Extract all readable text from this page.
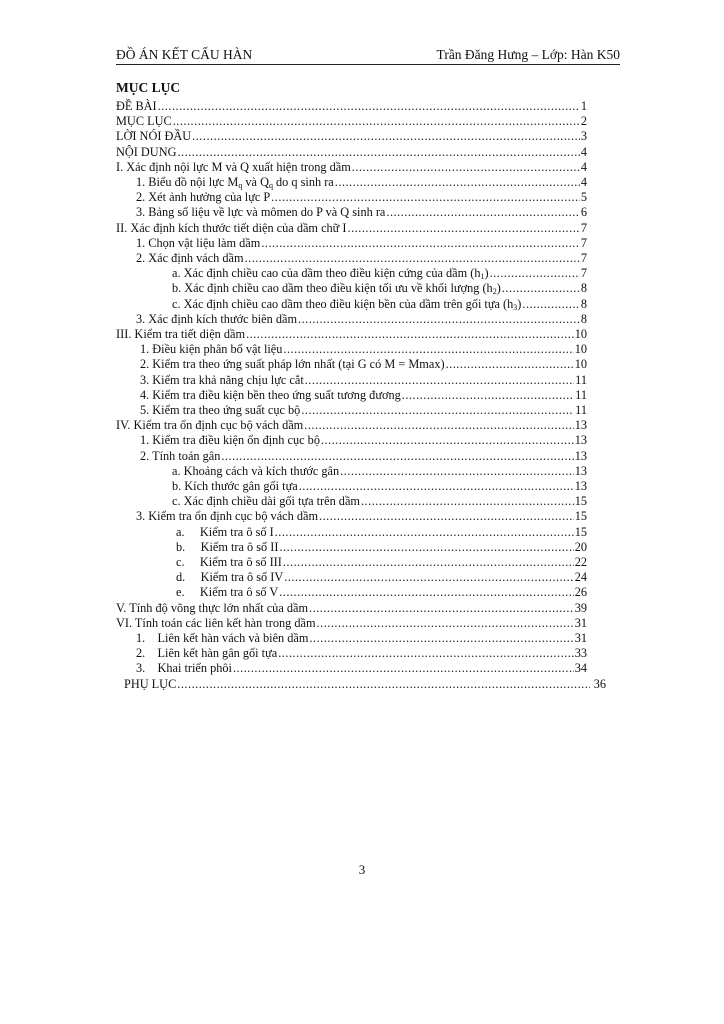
ĐỒ ÁN KẾT CẤU HÀN	Trần Đăng Hưng – Lớp: Hàn K50
MỤC LỤC
ĐỀ BÀI .....	1
MỤC LỤC .....	2
LỜI NÓI ĐẦU .....	3
NỘI DUNG .....	4
I. Xác định nội lực M và Q xuất hiện trong dầm .....	4
1. Biểu đồ nội lực $M_q$ và $Q_q$ do q sinh ra .....	4
2. Xét ảnh hưởng của lực P .....	5
3. Bảng số liệu về lực và mômen do P và Q sinh ra .....	6
II. Xác định kích thước tiết diện của dầm chữ I .....	7
1. Chọn vật liệu làm dầm .....	7
2. Xác định vách dầm .....	7
a. Xác định chiều cao của dầm theo điều kiện cứng của dầm $(h_1)$ .....	7
b. Xác định chiều cao dầm theo điều kiện tối ưu về khối lượng $(h_2)$ .....	8
c. Xác định chiều cao dầm theo điều kiện bền của dầm trên gối tựa $(h_3)$ .....	8
3. Xác định kích thước biên dầm .....	8
III. Kiểm tra tiết diện dầm .....	10
1. Điều kiện phân bố vật liệu .....	10
2. Kiểm tra theo ứng suất pháp lớn nhất (tại G có M = Mmax) .....	10
3. Kiểm tra khả năng chịu lực cắt .....	11
4. Kiểm tra điều kiện bền theo ứng suất tương đương .....	11
5. Kiểm tra theo ứng suất cục bộ .....	11
IV. Kiểm tra ổn định cục bộ vách dầm .....	13
1. Kiểm tra điều kiện ổn định cục bộ .....	13
2. Tính toán gân .....	13
a. Khoảng cách và kích thước gân .....	13
b. Kích thước gân gối tựa .....	13
c. Xác định chiều dài gối tựa trên dầm .....	15
3. Kiểm tra ổn định cục bộ vách dầm .....	15
a.     Kiểm tra ô số I .....	15
b.     Kiểm tra ô số II .....	20
c.     Kiểm tra ô số III .....	22
d.     Kiểm tra ô số IV .....	24
e.     Kiểm tra ô số V .....	26
V. Tính độ võng thực lớn nhất của dầm .....	39
VI. Tính toán các liên kết hàn trong dầm .....	31
1.    Liên kết hàn vách và biên dầm .....	31
2.    Liên kết hàn gân gối tựa .....	33
3.    Khai triển phôi .....	34
PHỤ LỤC .....	36
3
